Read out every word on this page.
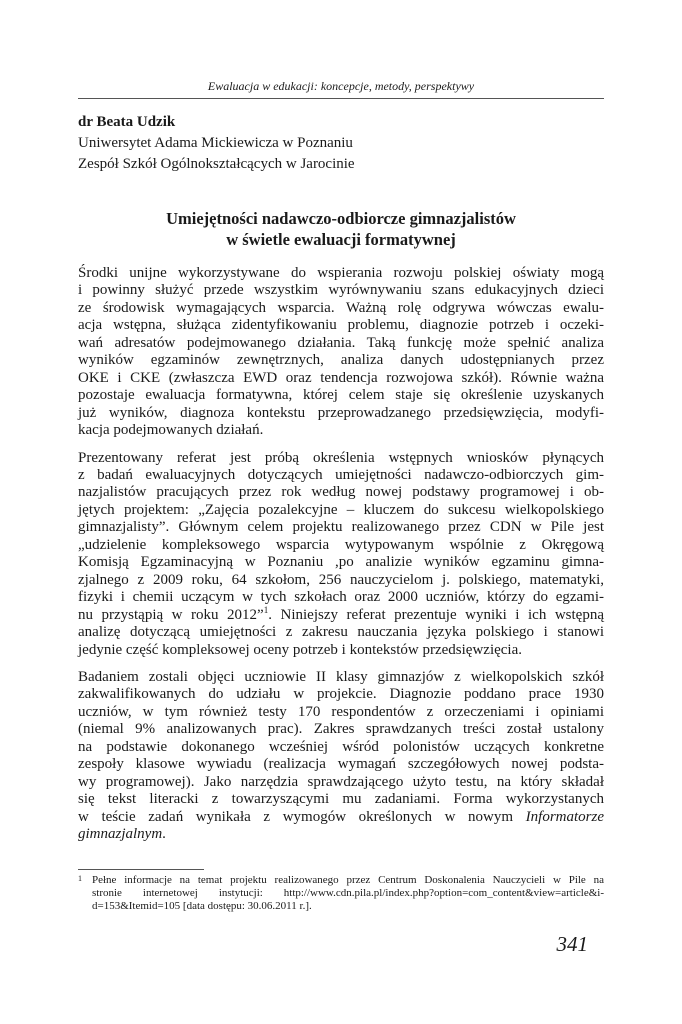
Ewaluacja w edukacji: koncepcje, metody, perspektywy
dr Beata Udzik
Uniwersytet Adama Mickiewicza w Poznaniu
Zespół Szkół Ogólnokształcących w Jarocinie
Umiejętności nadawczo-odbiorcze gimnazjalistów
w świetle ewaluacji formatywnej
Środki unijne wykorzystywane do wspierania rozwoju polskiej oświaty mogą
i powinny służyć przede wszystkim wyrównywaniu szans edukacyjnych dzieci
ze środowisk wymagających wsparcia. Ważną rolę odgrywa wówczas ewalu-
acja wstępna, służąca zidentyfikowaniu problemu, diagnozie potrzeb i oczeki-
wań adresatów podejmowanego działania. Taką funkcję może spełnić analiza
wyników egzaminów zewnętrznych, analiza danych udostępnianych przez
OKE i CKE (zwłaszcza EWD oraz tendencja rozwojowa szkół). Równie ważna
pozostaje ewaluacja formatywna, której celem staje się określenie uzyskanych
już wyników, diagnoza kontekstu przeprowadzanego przedsięwzięcia, modyfi-
kacja podejmowanych działań.
Prezentowany referat jest próbą określenia wstępnych wniosków płynących
z badań ewaluacyjnych dotyczących umiejętności nadawczo-odbiorczych gim-
nazjalistów pracujących przez rok według nowej podstawy programowej i ob-
jętych projektem: „Zajęcia pozalekcyjne – kluczem do sukcesu wielkopolskiego
gimnazjalisty”. Głównym celem projektu realizowanego przez CDN w Pile jest
„udzielenie kompleksowego wsparcia wytypowanym wspólnie z Okręgową
Komisją Egzaminacyjną w Poznaniu ,po analizie wyników egzaminu gimna-
zjalnego z 2009 roku, 64 szkołom, 256 nauczycielom j. polskiego, matematyki,
fizyki i chemii uczącym w tych szkołach oraz 2000 uczniów, którzy do egzami-
nu przystąpią w roku 2012”$^1$. Niniejszy referat prezentuje wyniki i ich wstępną
analizę dotyczącą umiejętności z zakresu nauczania języka polskiego i stanowi
jedynie część kompleksowej oceny potrzeb i kontekstów przedsięwzięcia.
Badaniem zostali objęci uczniowie II klasy gimnazjów z wielkopolskich szkół
zakwalifikowanych do udziału w projekcie. Diagnozie poddano prace 1930
uczniów, w tym również testy 170 respondentów z orzeczeniami i opiniami
(niemal 9% analizowanych prac). Zakres sprawdzanych treści został ustalony
na podstawie dokonanego wcześniej wśród polonistów uczących konkretne
zespoły klasowe wywiadu (realizacja wymagań szczegółowych nowej podsta-
wy programowej). Jako narzędzia sprawdzającego użyto testu, na który składał
się tekst literacki z towarzyszącymi mu zadaniami. Forma wykorzystanych
w teście zadań wynikała z wymogów określonych w nowym Informatorze
gimnazjalnym.
1 Pełne informacje na temat projektu realizowanego przez Centrum Doskonalenia Nauczycieli w Pile na
stronie internetowej instytucji: http://www.cdn.pila.pl/index.php?option=com_content&view=article&i-
d=153&Itemid=105 [data dostępu: 30.06.2011 r.].
341
